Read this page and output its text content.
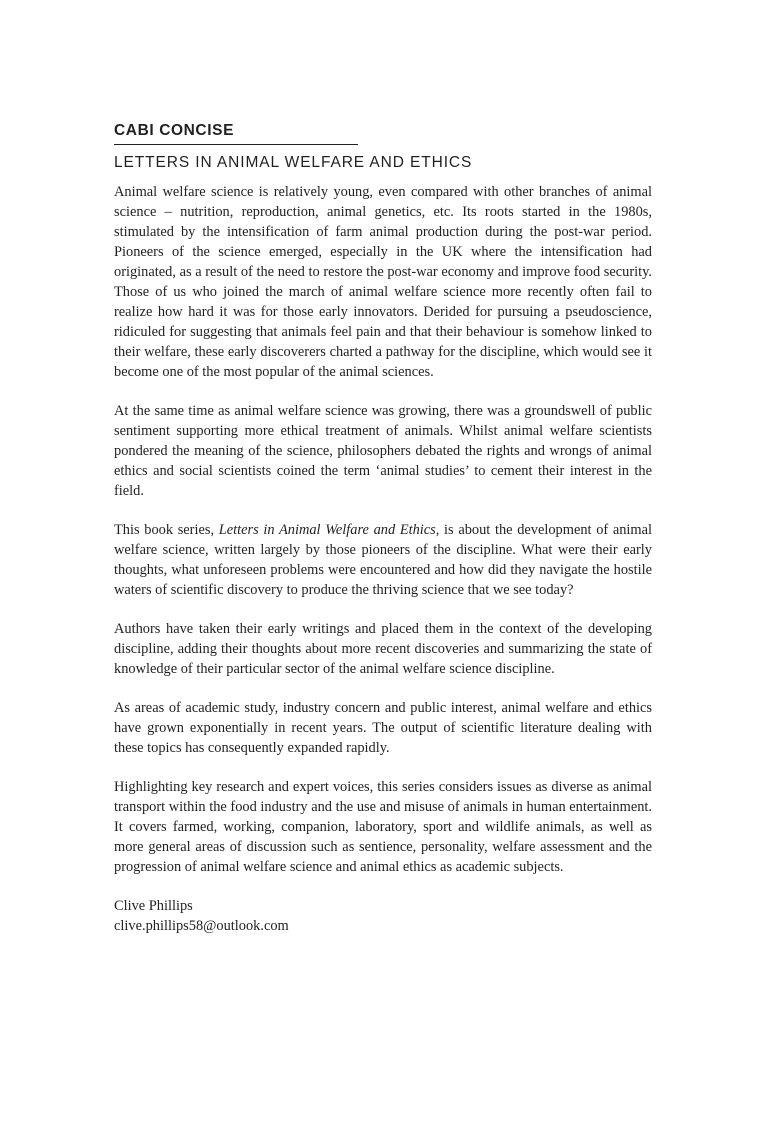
CABI CONCISE
LETTERS IN ANIMAL WELFARE AND ETHICS

Animal welfare science is relatively young, even compared with other branches of animal science – nutrition, reproduction, animal genetics, etc. Its roots started in the 1980s, stimulated by the intensification of farm animal production during the post-war period. Pioneers of the science emerged, especially in the UK where the intensification had originated, as a result of the need to restore the post-war economy and improve food security. Those of us who joined the march of animal welfare science more recently often fail to realize how hard it was for those early innovators. Derided for pursuing a pseudoscience, ridiculed for suggesting that animals feel pain and that their behaviour is somehow linked to their welfare, these early discoverers charted a pathway for the discipline, which would see it become one of the most popular of the animal sciences.

At the same time as animal welfare science was growing, there was a groundswell of public sentiment supporting more ethical treatment of animals. Whilst animal welfare scientists pondered the meaning of the science, philosophers debated the rights and wrongs of animal ethics and social scientists coined the term ‘animal studies’ to cement their interest in the field.

This book series, Letters in Animal Welfare and Ethics, is about the development of animal welfare science, written largely by those pioneers of the discipline. What were their early thoughts, what unforeseen problems were encountered and how did they navigate the hostile waters of scientific discovery to produce the thriving science that we see today?

Authors have taken their early writings and placed them in the context of the developing discipline, adding their thoughts about more recent discoveries and summarizing the state of knowledge of their particular sector of the animal welfare science discipline.

As areas of academic study, industry concern and public interest, animal welfare and ethics have grown exponentially in recent years. The output of scientific literature dealing with these topics has consequently expanded rapidly.

Highlighting key research and expert voices, this series considers issues as diverse as animal transport within the food industry and the use and misuse of animals in human entertainment. It covers farmed, working, companion, laboratory, sport and wildlife animals, as well as more general areas of discussion such as sentience, personality, welfare assessment and the progression of animal welfare science and animal ethics as academic subjects.

Clive Phillips
clive.phillips58@outlook.com
